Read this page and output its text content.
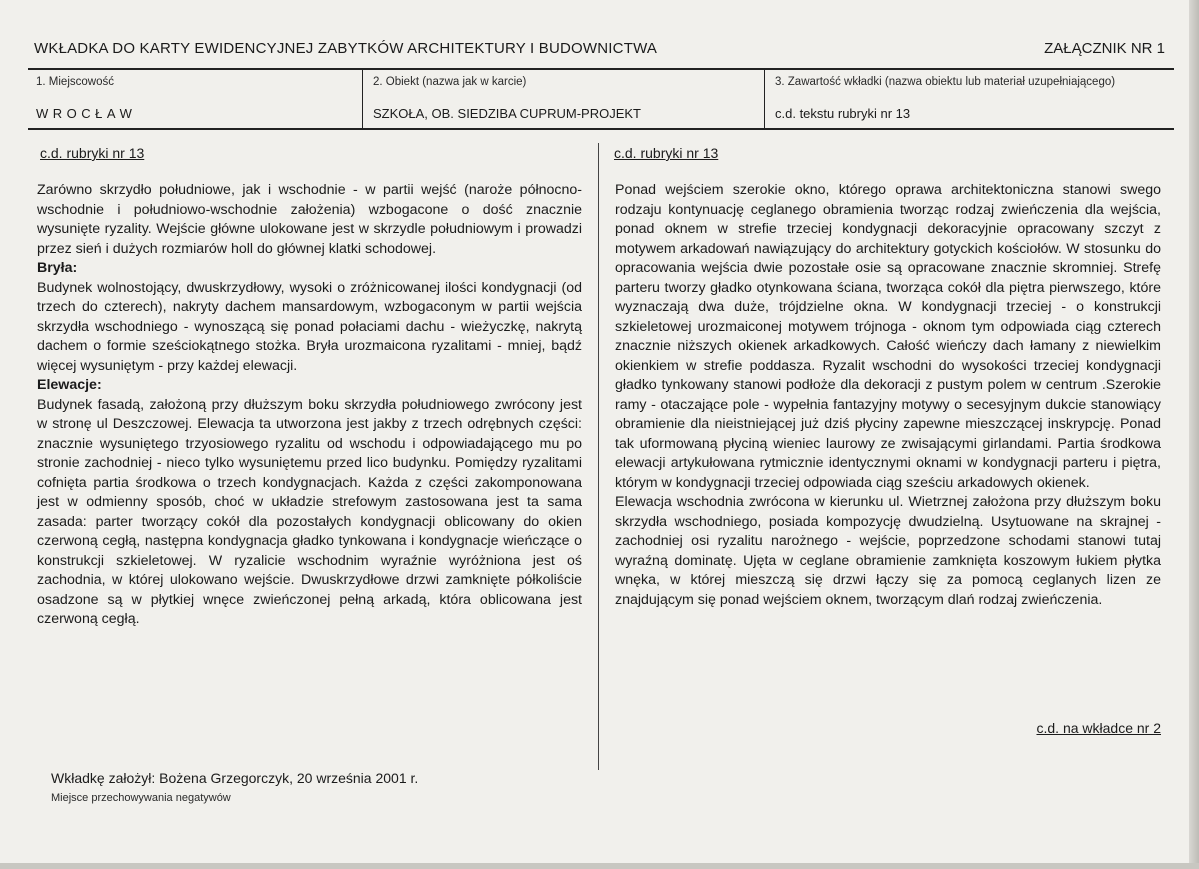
WKŁADKA DO KARTY EWIDENCYJNEJ ZABYTKÓW ARCHITEKTURY I BUDOWNICTWA	ZAŁĄCZNIK NR 1
1. Miejscowość
WROCŁAW
2. Obiekt (nazwa jak w karcie)
SZKOŁA, OB. SIEDZIBA CUPRUM-PROJEKT
3. Zawartość wkładki (nazwa obiektu lub materiał uzupełniającego)
c.d. tekstu rubryki nr 13
c.d. rubryki nr 13

Zarówno skrzydło południowe, jak i wschodnie - w partii wejść (naroże północno-wschodnie i południowo-wschodnie założenia) wzbogacone o dość znacznie wysunięte ryzality. Wejście główne ulokowane jest w skrzydle południowym i prowadzi przez sień i dużych rozmiarów holl do głównej klatki schodowej.

Bryła:

Budynek wolnostojący, dwuskrzydłowy, wysoki o zróżnicowanej ilości kondygnacji (od trzech do czterech), nakryty dachem mansardowym, wzbogaconym w partii wejścia skrzydła wschodniego - wynoszącą się ponad połaciami dachu - wieżyczkę, nakrytą dachem o formie sześciokątnego stożka. Bryła urozmaicona ryzalitami - mniej, bądź więcej wysuniętym - przy każdej elewacji.

Elewacje:

Budynek fasadą, założoną przy dłuższym boku skrzydła południowego zwrócony jest w stronę ul Deszczowej. Elewacja ta utworzona jest jakby z trzech odrębnych części: znacznie wysuniętego trzyosiowego ryzalitu od wschodu i odpowiadającego mu po stronie zachodniej - nieco tylko wysuniętemu przed lico budynku. Pomiędzy ryzalitami cofnięta partia środkowa o trzech kondygnacjach. Każda z części zakomponowana jest w odmienny sposób, choć w układzie strefowym zastosowana jest ta sama zasada: parter tworzący cokół dla pozostałych kondygnacji oblicowany do okien czerwoną cegłą, następna kondygnacja gładko tynkowana i kondygnacje wieńczące o konstrukcji szkieletowej. W ryzalicie wschodnim wyraźnie wyróżniona jest oś zachodnia, w której ulokowano wejście. Dwuskrzydłowe drzwi zamknięte półkoliście osadzone są w płytkiej wnęce zwieńczonej pełną arkadą, która oblicowana jest czerwoną cegłą.

c.d. rubryki nr 13

Ponad wejściem szerokie okno, którego oprawa architektoniczna stanowi swego rodzaju kontynuację ceglanego obramienia tworząc rodzaj zwieńczenia dla wejścia, ponad oknem w strefie trzeciej kondygnacji dekoracyjnie opracowany szczyt z motywem arkadowań nawiązujący do architektury gotyckich kościołów. W stosunku do opracowania wejścia dwie pozostałe osie są opracowane znacznie skromniej. Strefę parteru tworzy gładko otynkowana ściana, tworząca cokół dla piętra pierwszego, które wyznaczają dwa duże, trójdzielne okna. W kondygnacji trzeciej - o konstrukcji szkieletowej urozmaiconej motywem trójnoga - oknom tym odpowiada ciąg czterech znacznie niższych okienek arkadkowych. Całość wieńczy dach łamany z niewielkim okienkiem w strefie poddasza. Ryzalit wschodni do wysokości trzeciej kondygnacji gładko tynkowany stanowi podłoże dla dekoracji z pustym polem w centrum .Szerokie ramy - otaczające pole - wypełnia fantazyjny motywy o secesyjnym dukcie stanowiący obramienie dla nieistniejącej już dziś płyciny zapewne mieszczącej inskrypcję. Ponad tak uformowaną płyciną wieniec laurowy ze zwisającymi girlandami. Partia środkowa elewacji artykułowana rytmicznie identycznymi oknami w kondygnacji parteru i piętra, którym w kondygnacji trzeciej odpowiada ciąg sześciu arkadowych okienek.

Elewacja wschodnia zwrócona w kierunku ul. Wietrznej założona przy dłuższym boku skrzydła wschodniego, posiada kompozycję dwudzielną. Usytuowane na skrajnej - zachodniej osi ryzalitu narożnego - wejście, poprzedzone schodami stanowi tutaj wyraźną dominatę. Ujęta w ceglane obramienie zamknięta koszowym łukiem płytka wnęka, w której mieszczą się drzwi łączy się za pomocą ceglanych lizen ze znajdującym się ponad wejściem oknem, tworzącym dlań rodzaj zwieńczenia.

c.d. na wkładce nr 2
Wkładkę założył: Bożena Grzegorczyk, 20 września 2001 r.
Miejsce przechowywania negatywów
